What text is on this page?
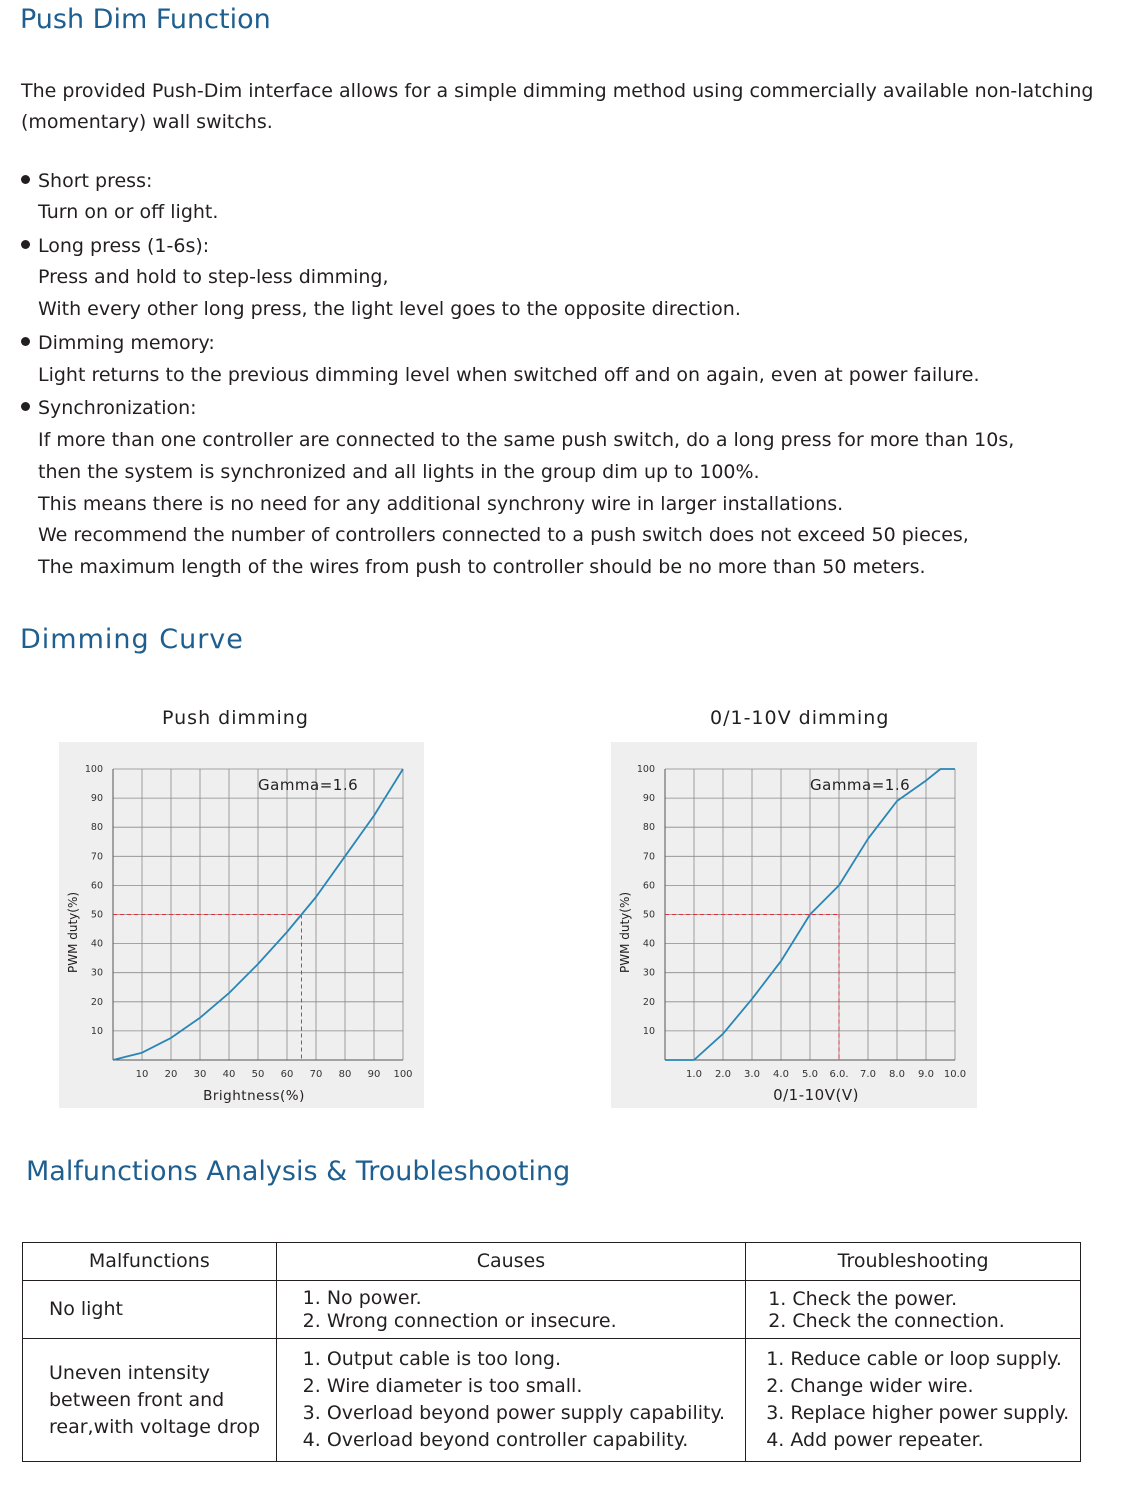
Push Dim Function
The provided Push-Dim interface allows for a simple dimming method using commercially available non-latching
(momentary) wall switchs.
Short press:
Turn on or off light.
Long press (1-6s):
Press and hold to step-less dimming,
With every other long press, the light level goes to the opposite direction.
Dimming memory:
Light returns to the previous dimming level when switched off and on again, even at power failure.
Synchronization:
If more than one controller are connected to the same push switch, do a long press for more than 10s,
then the system is synchronized and all lights in the group dim up to 100%.
This means there is no need for any additional synchrony wire in larger installations.
We recommend the number of controllers connected to a push switch does not exceed 50 pieces,
The maximum length of the wires from push to controller should be no more than 50 meters.
Dimming Curve
Push dimming	0/1-10V dimming
10
20
30
40
50
60
70
80
90
100
10 20 30 40 50 60 70 80 90 100
Gamma=1.6
Brightness(%)
PWM duty(%)
10
20
30
40
50
60
70
80
90
100
1.0 2.0 3.0 4.0 5.0 6.0. 7.0 8.0 9.0 10.0
Gamma=1.6
0/1-10V(V)
PWM duty(%)
Malfunctions Analysis & Troubleshooting
Malfunctions	Causes	Troubleshooting

No light	1. No power.
2. Wrong connection or insecure.	1. Check the power.
2. Check the connection.

Uneven intensity
between front and
rear,with voltage drop	1. Output cable is too long.
2. Wire diameter is too small.
3. Overload beyond power supply capability.
4. Overload beyond controller capability.	1. Reduce cable or loop supply.
2. Change wider wire.
3. Replace higher power supply.
4. Add power repeater.
